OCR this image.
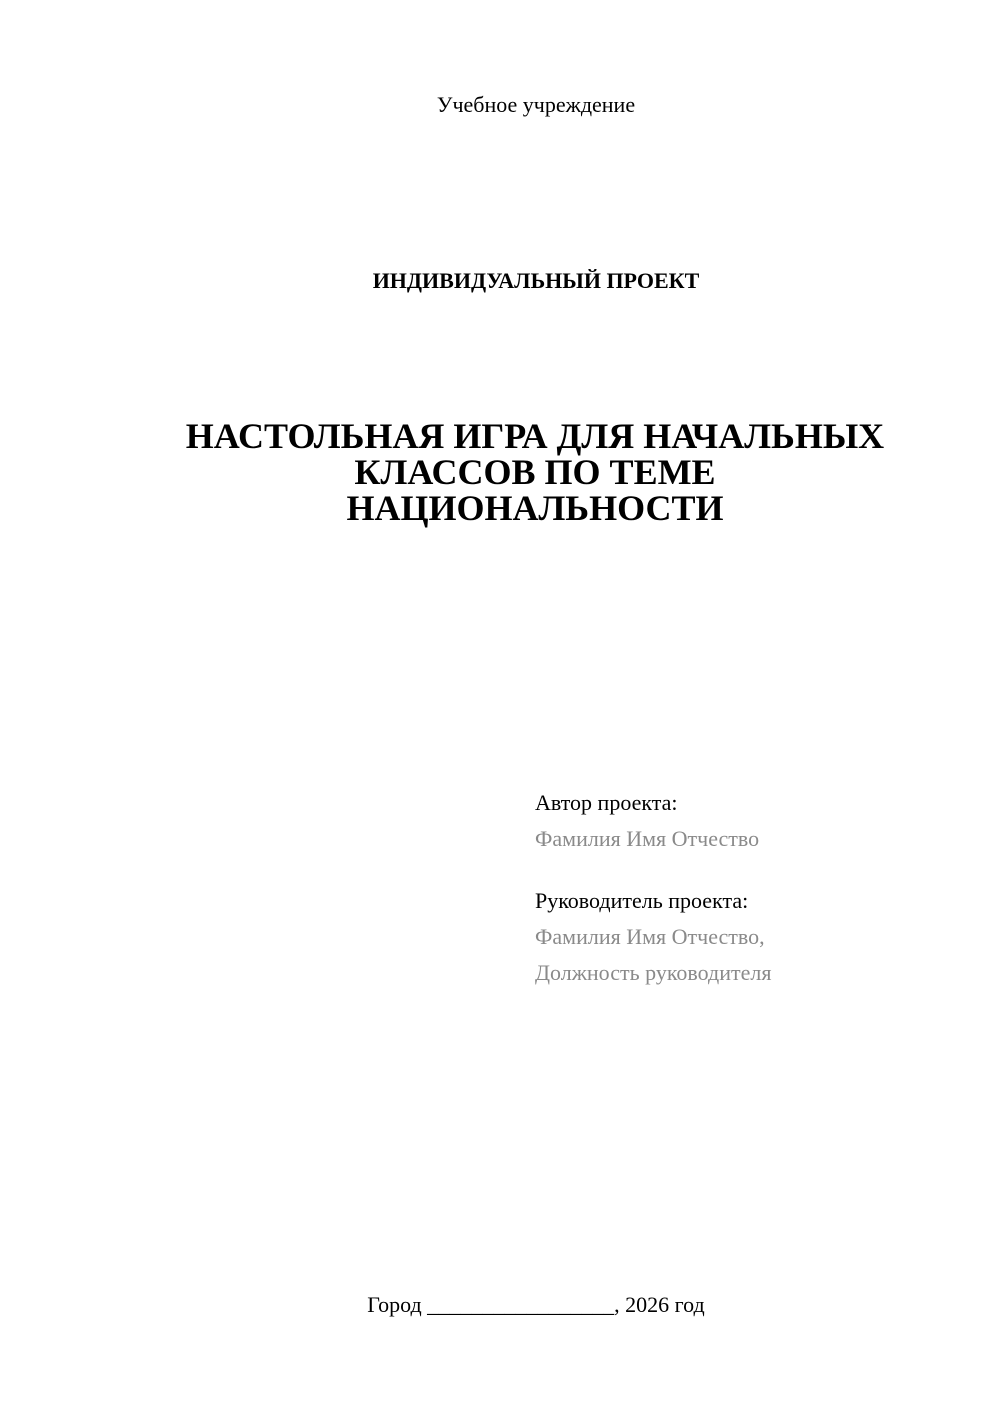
Учебное учреждение
ИНДИВИДУАЛЬНЫЙ ПРОЕКТ
НАСТОЛЬНАЯ ИГРА ДЛЯ НАЧАЛЬНЫХ
КЛАССОВ ПО ТЕМЕ
НАЦИОНАЛЬНОСТИ
Автор проекта:
Фамилия Имя Отчество
Руководитель проекта:
Фамилия Имя Отчество,
Должность руководителя
Город _________________, 2026 год
